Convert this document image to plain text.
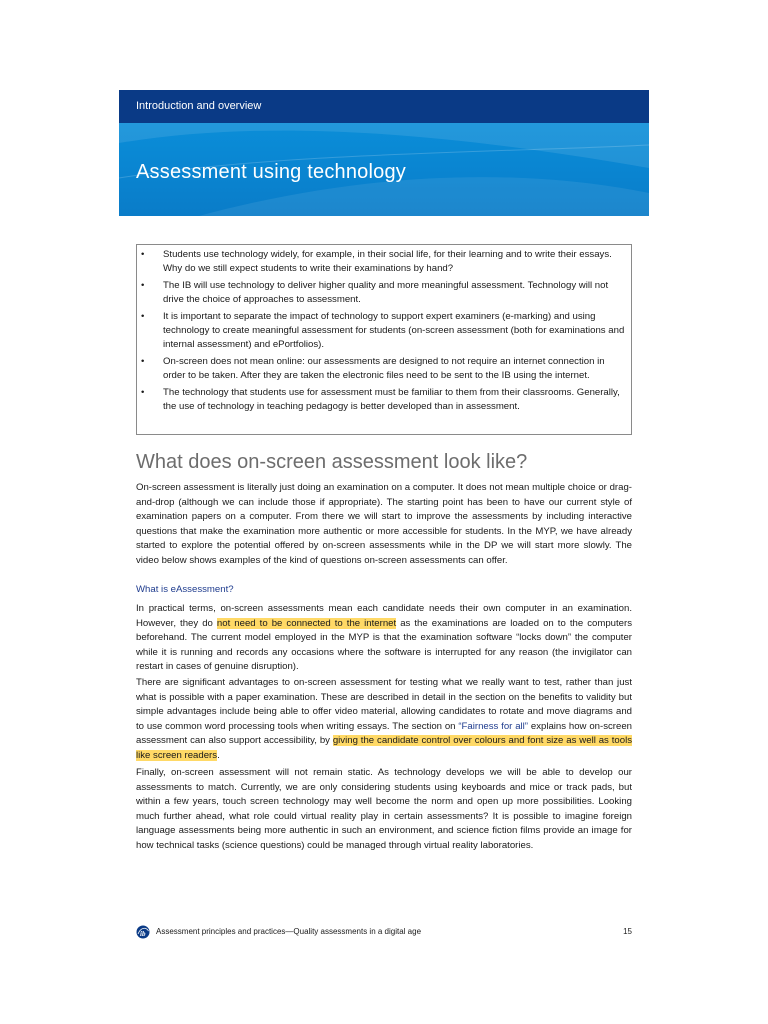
Introduction and overview
Assessment using technology
• Students use technology widely, for example, in their social life, for their learning and to write their essays. Why do we still expect students to write their examinations by hand?
• The IB will use technology to deliver higher quality and more meaningful assessment. Technology will not drive the choice of approaches to assessment.
• It is important to separate the impact of technology to support expert examiners (e-marking) and using technology to create meaningful assessment for students (on-screen assessment (both for examinations and internal assessment) and ePortfolios).
• On-screen does not mean online: our assessments are designed to not require an internet connection in order to be taken. After they are taken the electronic files need to be sent to the IB using the internet.
• The technology that students use for assessment must be familiar to them from their classrooms. Generally, the use of technology in teaching pedagogy is better developed than in assessment.
What does on-screen assessment look like?

On-screen assessment is literally just doing an examination on a computer. It does not mean multiple choice or drag-and-drop (although we can include those if appropriate). The starting point has been to have our current style of examination papers on a computer. From there we will start to improve the assessments by including interactive questions that make the examination more authentic or more accessible for students. In the MYP, we have already started to explore the potential offered by on-screen assessments while in the DP we will start more slowly. The video below shows examples of the kind of questions on-screen assessments can offer.

What is eAssessment?

In practical terms, on-screen assessments mean each candidate needs their own computer in an examination. However, they do not need to be connected to the internet as the examinations are loaded on to the computers beforehand. The current model employed in the MYP is that the examination software “locks down” the computer while it is running and records any occasions where the software is interrupted for any reason (the invigilator can restart in cases of genuine disruption).

There are significant advantages to on-screen assessment for testing what we really want to test, rather than just what is possible with a paper examination. These are described in detail in the section on the benefits to validity but simple advantages include being able to offer video material, allowing candidates to rotate and move diagrams and to use common word processing tools when writing essays. The section on “Fairness for all” explains how on-screen assessment can also support accessibility, by giving the candidate control over colours and font size as well as tools like screen readers.

Finally, on-screen assessment will not remain static. As technology develops we will be able to develop our assessments to match. Currently, we are only considering students using keyboards and mice or track pads, but within a few years, touch screen technology may well become the norm and open up more possibilities. Looking much further ahead, what role could virtual reality play in certain assessments? It is possible to imagine foreign language assessments being more authentic in such an environment, and science fiction films provide an image for how technical tasks (science questions) could be managed through virtual reality laboratories.

ib Assessment principles and practices—Quality assessments in a digital age	15
